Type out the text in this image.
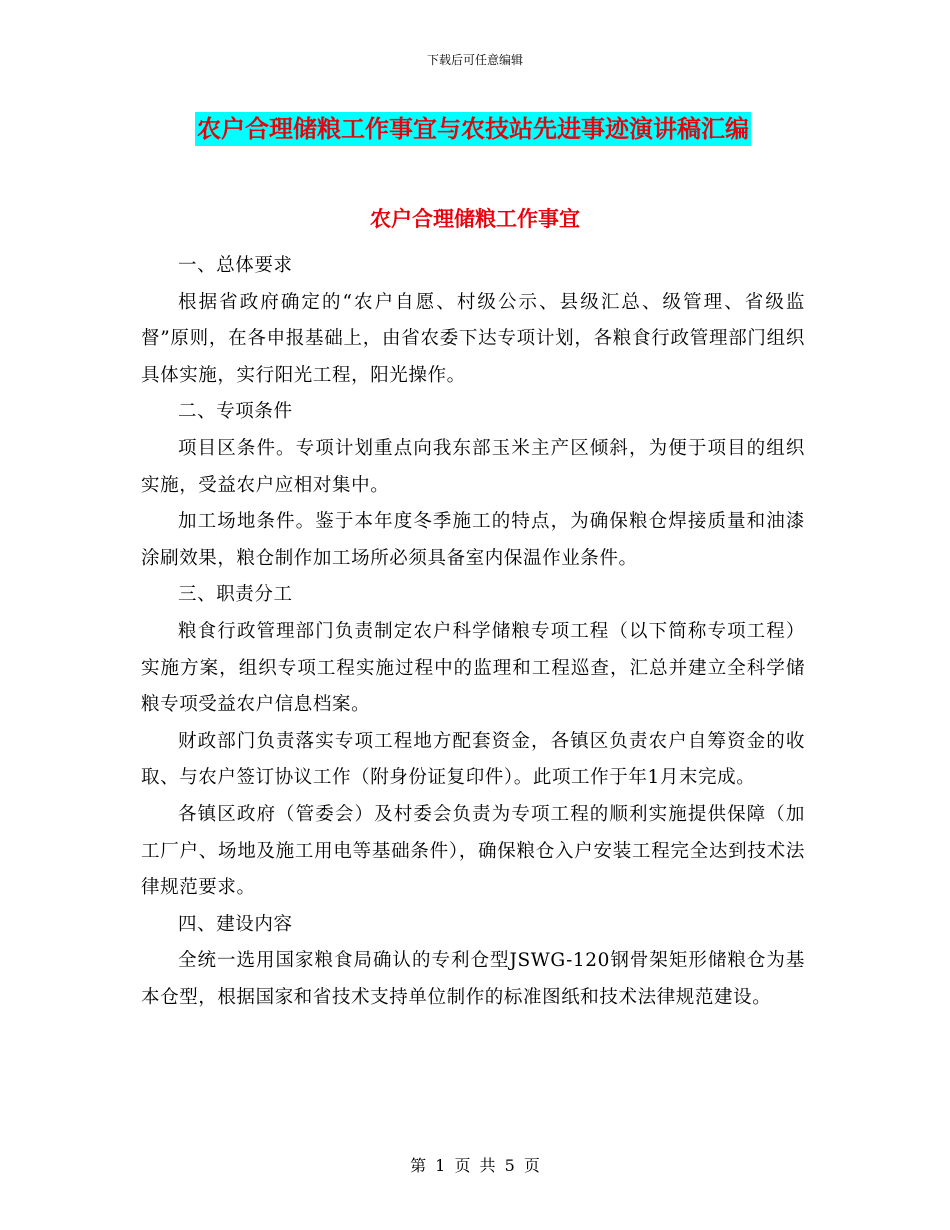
下载后可任意编辑
农户合理储粮工作事宜与农技站先进事迹演讲稿汇编
农户合理储粮工作事宜

一、总体要求

根据省政府确定的“农户自愿、村级公示、县级汇总、级管理、省级监督”原则，在各申报基础上，由省农委下达专项计划，各粮食行政管理部门组织具体实施，实行阳光工程，阳光操作。

二、专项条件

项目区条件。专项计划重点向我东部玉米主产区倾斜，为便于项目的组织实施，受益农户应相对集中。

加工场地条件。鉴于本年度冬季施工的特点，为确保粮仓焊接质量和油漆涂刷效果，粮仓制作加工场所必须具备室内保温作业条件。

三、职责分工

粮食行政管理部门负责制定农户科学储粮专项工程（以下简称专项工程）实施方案，组织专项工程实施过程中的监理和工程巡查，汇总并建立全科学储粮专项受益农户信息档案。

财政部门负责落实专项工程地方配套资金，各镇区负责农户自筹资金的收取、与农户签订协议工作（附身份证复印件）。此项工作于年1月末完成。

各镇区政府（管委会）及村委会负责为专项工程的顺利实施提供保障（加工厂户、场地及施工用电等基础条件），确保粮仓入户安装工程完全达到技术法律规范要求。

四、建设内容

全统一选用国家粮食局确认的专利仓型JSWG-120钢骨架矩形储粮仓为基本仓型，根据国家和省技术支持单位制作的标准图纸和技术法律规范建设。

第 1 页 共 5 页
